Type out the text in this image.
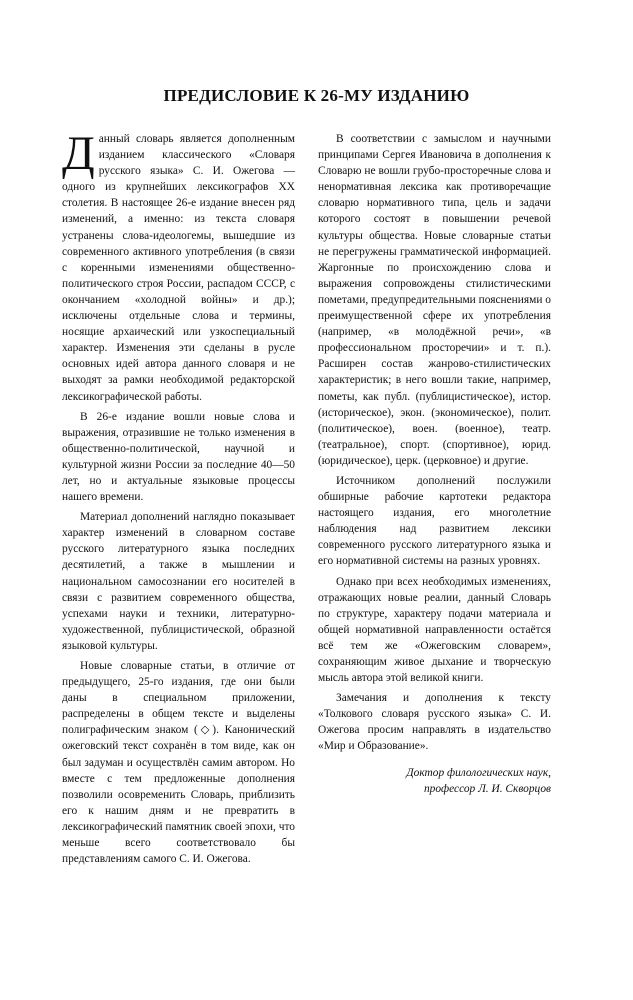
ПРЕДИСЛОВИЕ К 26-МУ ИЗДАНИЮ

Данный словарь является дополненным изданием классического «Словаря русского языка» С. И. Ожегова — одного из крупнейших лексикографов XX столетия. В настоящее 26-е издание внесен ряд изменений, а именно: из текста словаря устранены слова-идеологемы, вышедшие из современного активного употребления (в связи с коренными изменениями общественно-политического строя России, распадом СССР, с окончанием «холодной войны» и др.); исключены отдельные слова и термины, носящие архаический или узкоспециальный характер. Изменения эти сделаны в русле основных идей автора данного словаря и не выходят за рамки необходимой редакторской лексикографической работы.

В 26-е издание вошли новые слова и выражения, отразившие не только изменения в общественно-политической, научной и культурной жизни России за последние 40—50 лет, но и актуальные языковые процессы нашего времени.

Материал дополнений наглядно показывает характер изменений в словарном составе русского литературного языка последних десятилетий, а также в мышлении и национальном самосознании его носителей в связи с развитием современного общества, успехами науки и техники, литературно-художественной, публицистической, образной языковой культуры.

Новые словарные статьи, в отличие от предыдущего, 25-го издания, где они были даны в специальном приложении, распределены в общем тексте и выделены полиграфическим знаком (◇). Канонический ожеговский текст сохранён в том виде, как он был задуман и осуществлён самим автором. Но вместе с тем предложенные дополнения позволили осовременить Словарь, приблизить его к нашим дням и не превратить в лексикографический памятник своей эпохи, что меньше всего соответствовало бы представлениям самого С. И. Ожегова.

В соответствии с замыслом и научными принципами Сергея Ивановича в дополнения к Словарю не вошли грубо-просторечные слова и ненормативная лексика как противоречащие словарю нормативного типа, цель и задачи которого состоят в повышении речевой культуры общества. Новые словарные статьи не перегружены грамматической информацией. Жаргонные по происхождению слова и выражения сопровождены стилистическими пометами, предупредительными пояснениями о преимущественной сфере их употребления (например, «в молодёжной речи», «в профессиональном просторечии» и т. п.). Расширен состав жанрово-стилистических характеристик; в него вошли такие, например, пометы, как публ. (публицистическое), истор. (историческое), экон. (экономическое), полит. (политическое), воен. (военное), театр. (театральное), спорт. (спортивное), юрид. (юридическое), церк. (церковное) и другие.

Источником дополнений послужили обширные рабочие картотеки редактора настоящего издания, его многолетние наблюдения над развитием лексики современного русского литературного языка и его нормативной системы на разных уровнях.

Однако при всех необходимых изменениях, отражающих новые реалии, данный Словарь по структуре, характеру подачи материала и общей нормативной направленности остаётся всё тем же «Ожеговским словарем», сохраняющим живое дыхание и творческую мысль автора этой великой книги.

Замечания и дополнения к тексту «Толкового словаря русского языка» С. И. Ожегова просим направлять в издательство «Мир и Образование».

Доктор филологических наук,
профессор Л. И. Скворцов
